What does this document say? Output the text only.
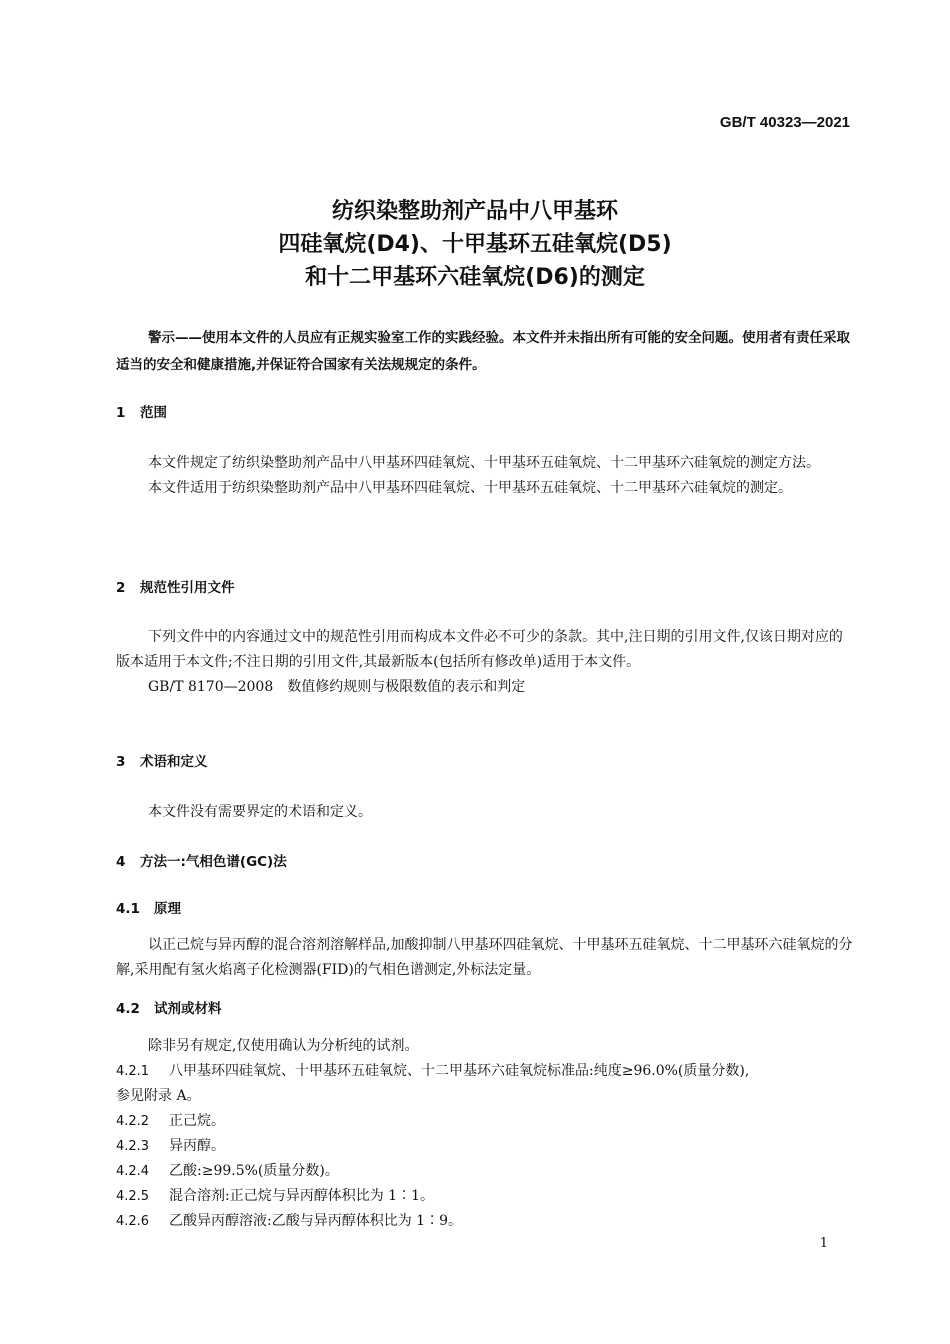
GB/T 40323—2021
纺织染整助剂产品中八甲基环
四硅氧烷(D4)、十甲基环五硅氧烷(D5)
和十二甲基环六硅氧烷(D6)的测定
警示——使用本文件的人员应有正规实验室工作的实践经验。本文件并未指出所有可能的安全问题。使用者有责任采取适当的安全和健康措施,并保证符合国家有关法规规定的条件。
1 范围
本文件规定了纺织染整助剂产品中八甲基环四硅氧烷、十甲基环五硅氧烷、十二甲基环六硅氧烷的测定方法。
本文件适用于纺织染整助剂产品中八甲基环四硅氧烷、十甲基环五硅氧烷、十二甲基环六硅氧烷的测定。
2 规范性引用文件
下列文件中的内容通过文中的规范性引用而构成本文件必不可少的条款。其中,注日期的引用文件,仅该日期对应的版本适用于本文件;不注日期的引用文件,其最新版本(包括所有修改单)适用于本文件。
GB/T 8170—2008　数值修约规则与极限数值的表示和判定
3 术语和定义
本文件没有需要界定的术语和定义。
4 方法一:气相色谱(GC)法
4.1 原理
以正己烷与异丙醇的混合溶剂溶解样品,加酸抑制八甲基环四硅氧烷、十甲基环五硅氧烷、十二甲基环六硅氧烷的分解,采用配有氢火焰离子化检测器(FID)的气相色谱测定,外标法定量。
4.2 试剂或材料
除非另有规定,仅使用确认为分析纯的试剂。
4.2.1 八甲基环四硅氧烷、十甲基环五硅氧烷、十二甲基环六硅氧烷标准品:纯度≥96.0%(质量分数),
参见附录 A。
4.2.2 正己烷。
4.2.3 异丙醇。
4.2.4 乙酸:≥99.5%(质量分数)。
4.2.5 混合溶剂:正己烷与异丙醇体积比为 1∶1。
4.2.6 乙酸异丙醇溶液:乙酸与异丙醇体积比为 1∶9。
1
